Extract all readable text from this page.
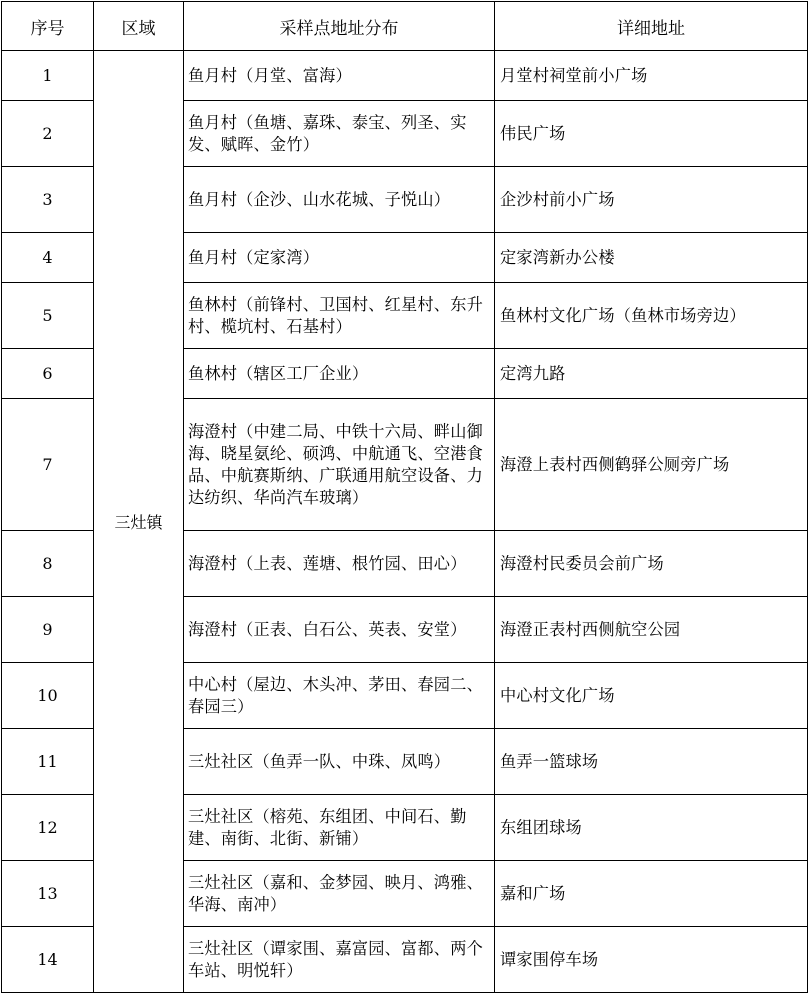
序号	区域	采样点地址分布	详细地址
1	三灶镇	鱼月村（月堂、富海）	月堂村祠堂前小广场
2		鱼月村（鱼塘、嘉珠、泰宝、列圣、实发、赋晖、金竹）	伟民广场
3		鱼月村（企沙、山水花城、子悦山）	企沙村前小广场
4		鱼月村（定家湾）	定家湾新办公楼
5		鱼林村（前锋村、卫国村、红星村、东升村、榄坑村、石基村）	鱼林村文化广场（鱼林市场旁边）
6		鱼林村（辖区工厂企业）	定湾九路
7		海澄村（中建二局、中铁十六局、畔山御海、晓星氨纶、硕鸿、中航通飞、空港食品、中航赛斯纳、广联通用航空设备、力达纺织、华尚汽车玻璃）	海澄上表村西侧鹤驿公厕旁广场
8		海澄村（上表、莲塘、根竹园、田心）	海澄村民委员会前广场
9		海澄村（正表、白石公、英表、安堂）	海澄正表村西侧航空公园
10		中心村（屋边、木头冲、茅田、春园二、春园三）	中心村文化广场
11		三灶社区（鱼弄一队、中珠、凤鸣）	鱼弄一篮球场
12		三灶社区（榕苑、东组团、中间石、勤建、南街、北街、新铺）	东组团球场
13		三灶社区（嘉和、金梦园、映月、鸿雅、华海、南冲）	嘉和广场
14		三灶社区（谭家围、嘉富园、富都、两个车站、明悦轩）	谭家围停车场
